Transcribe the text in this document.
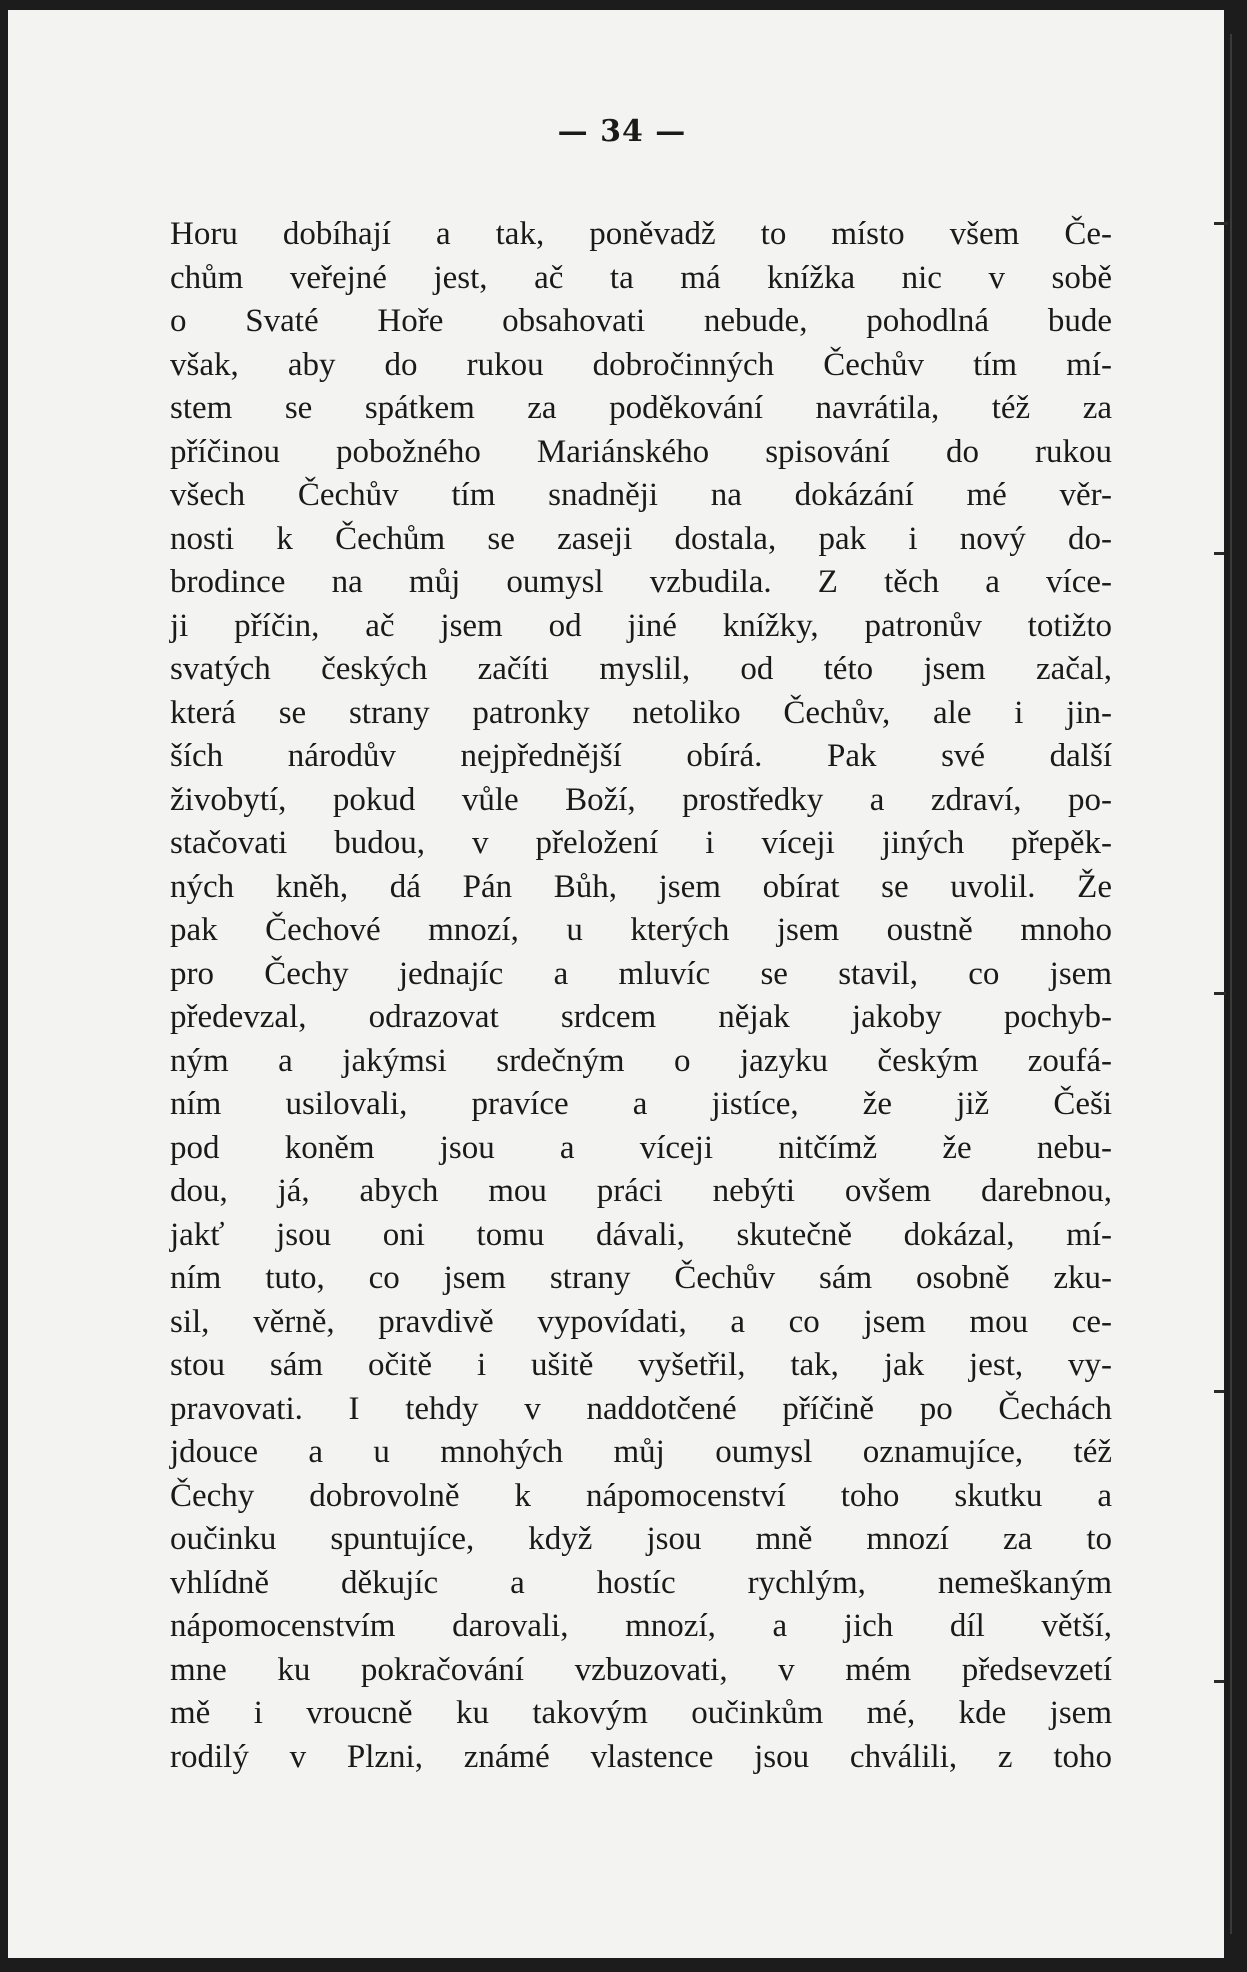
— 34 —
Horu dobíhají a tak, poněvadž to místo všem Če-
chům veřejné jest, ač ta má knížka nic v sobě
o Svaté Hoře obsahovati nebude, pohodlná bude
však, aby do rukou dobročinných Čechův tím mí-
stem se spátkem za poděkování navrátila, též za
příčinou pobožného Mariánského spisování do rukou
všech Čechův tím snadněji na dokázání mé věr-
nosti k Čechům se zaseji dostala, pak i nový do-
brodince na můj oumysl vzbudila. Z těch a více-
ji příčin, ač jsem od jiné knížky, patronův totižto
svatých českých začíti myslil, od této jsem začal,
která se strany patronky netoliko Čechův, ale i jin-
ších národův nejpřednější obírá. Pak své další
živobytí, pokud vůle Boží, prostředky a zdraví, po-
stačovati budou, v přeložení i víceji jiných přepěk-
ných kněh, dá Pán Bůh, jsem obírat se uvolil. Že
pak Čechové mnozí, u kterých jsem oustně mnoho
pro Čechy jednajíc a mluvíc se stavil, co jsem
předevzal, odrazovat srdcem nějak jakoby pochyb-
ným a jakýmsi srdečným o jazyku českým zoufá-
ním usilovali, pravíce a jistíce, že již Češi
pod koněm jsou a víceji nitčímž že nebu-
dou, já, abych mou práci nebýti ovšem darebnou,
jakť jsou oni tomu dávali, skutečně dokázal, mí-
ním tuto, co jsem strany Čechův sám osobně zku-
sil, věrně, pravdivě vypovídati, a co jsem mou ce-
stou sám očitě i ušitě vyšetřil, tak, jak jest, vy-
pravovati. I tehdy v naddotčené příčině po Čechách
jdouce a u mnohých můj oumysl oznamujíce, též
Čechy dobrovolně k nápomocenství toho skutku a
oučinku spuntujíce, když jsou mně mnozí za to
vhlídně děkujíc a hostíc rychlým, nemeškaným
nápomocenstvím darovali, mnozí, a jich díl větší,
mne ku pokračování vzbuzovati, v mém předsevzetí
mě i vroucně ku takovým oučinkům mé, kde jsem
rodilý v Plzni, známé vlastence jsou chválili, z toho
